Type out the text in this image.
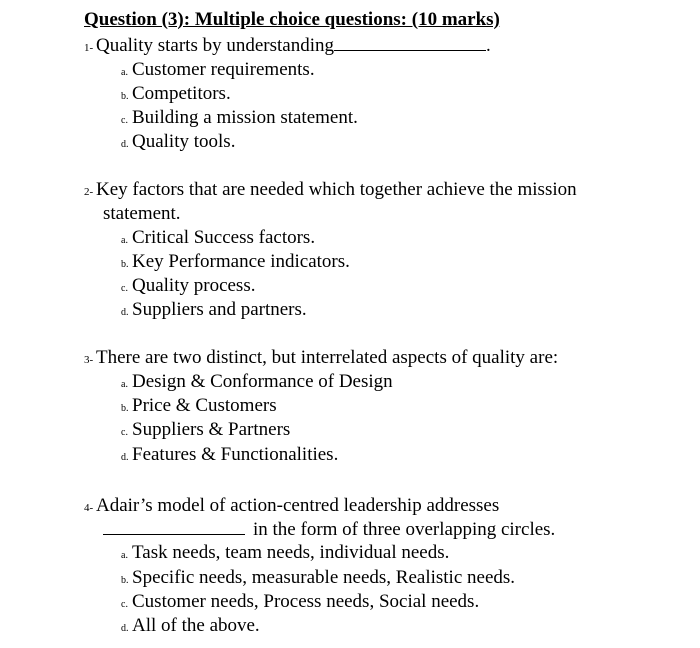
Question (3): Multiple choice questions: (10 marks)
1- Quality starts by understanding	.
a. Customer requirements.
b. Competitors.
c. Building a mission statement.
d. Quality tools.
2- Key factors that are needed which together achieve the mission
statement.
a. Critical Success factors.
b. Key Performance indicators.
c. Quality process.
d. Suppliers and partners.
3- There are two distinct, but interrelated aspects of quality are:
a. Design & Conformance of Design
b. Price & Customers
c. Suppliers & Partners
d. Features & Functionalities.
4- Adair’s model of action-centred leadership addresses
in the form of three overlapping circles.
a. Task needs, team needs, individual needs.
b. Specific needs, measurable needs, Realistic needs.
c. Customer needs, Process needs, Social needs.
d. All of the above.
